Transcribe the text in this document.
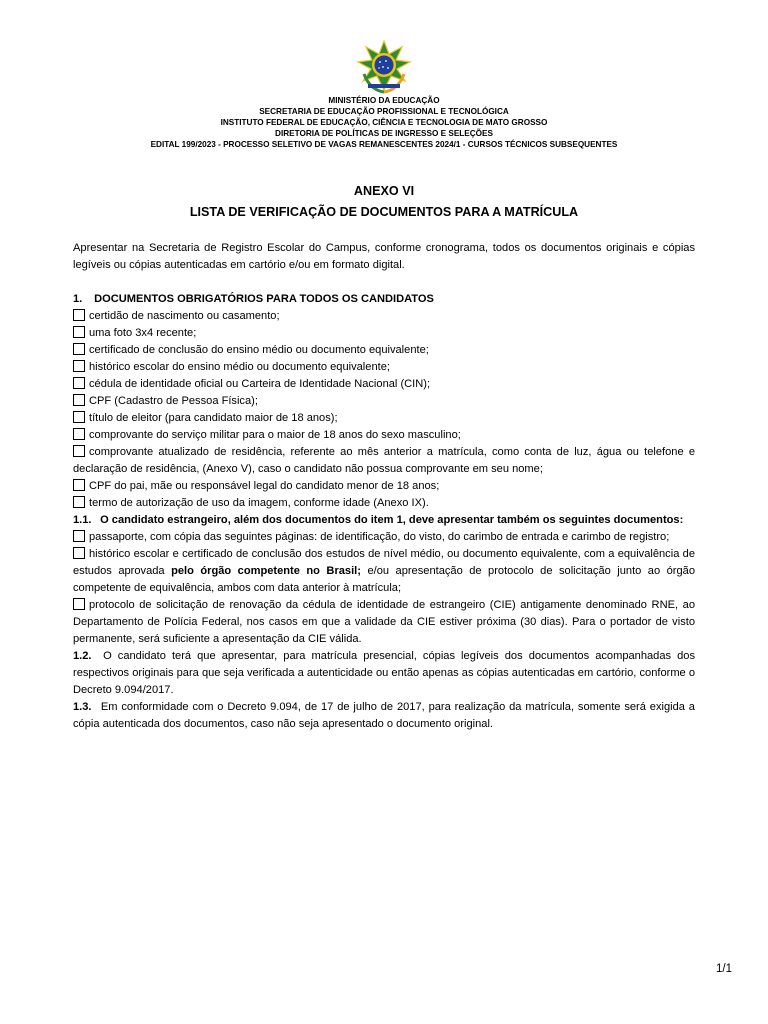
MINISTÉRIO DA EDUCAÇÃO
SECRETARIA DE EDUCAÇÃO PROFISSIONAL E TECNOLÓGICA
INSTITUTO FEDERAL DE EDUCAÇÃO, CIÊNCIA E TECNOLOGIA DE MATO GROSSO
DIRETORIA DE POLÍTICAS DE INGRESSO E SELEÇÕES
EDITAL 199/2023 - PROCESSO SELETIVO DE VAGAS REMANESCENTES 2024/1 - CURSOS TÉCNICOS SUBSEQUENTES
ANEXO VI
LISTA DE VERIFICAÇÃO DE DOCUMENTOS PARA A MATRÍCULA

Apresentar na Secretaria de Registro Escolar do Campus, conforme cronograma, todos os documentos originais e cópias legíveis ou cópias autenticadas em cartório e/ou em formato digital.

1. DOCUMENTOS OBRIGATÓRIOS PARA TODOS OS CANDIDATOS

certidão de nascimento ou casamento;

uma foto 3x4 recente;

certificado de conclusão do ensino médio ou documento equivalente;

histórico escolar do ensino médio ou documento equivalente;

cédula de identidade oficial ou Carteira de Identidade Nacional (CIN);

CPF (Cadastro de Pessoa Física);

título de eleitor (para candidato maior de 18 anos);

comprovante do serviço militar para o maior de 18 anos do sexo masculino;

comprovante atualizado de residência, referente ao mês anterior a matrícula, como conta de luz, água ou telefone e declaração de residência, (Anexo V), caso o candidato não possua comprovante em seu nome;

CPF do pai, mãe ou responsável legal do candidato menor de 18 anos;

termo de autorização de uso da imagem, conforme idade (Anexo IX).

1.1. O candidato estrangeiro, além dos documentos do item 1, deve apresentar também os seguintes documentos:

passaporte, com cópia das seguintes páginas: de identificação, do visto, do carimbo de entrada e carimbo de registro;

histórico escolar e certificado de conclusão dos estudos de nível médio, ou documento equivalente, com a equivalência de estudos aprovada pelo órgão competente no Brasil; e/ou apresentação de protocolo de solicitação junto ao órgão competente de equivalência, ambos com data anterior à matrícula;

protocolo de solicitação de renovação da cédula de identidade de estrangeiro (CIE) antigamente denominado RNE, ao Departamento de Polícia Federal, nos casos em que a validade da CIE estiver próxima (30 dias). Para o portador de visto permanente, será suficiente a apresentação da CIE válida.

1.2. O candidato terá que apresentar, para matrícula presencial, cópias legíveis dos documentos acompanhadas dos respectivos originais para que seja verificada a autenticidade ou então apenas as cópias autenticadas em cartório, conforme o Decreto 9.094/2017.

1.3. Em conformidade com o Decreto 9.094, de 17 de julho de 2017, para realização da matrícula, somente será exigida a cópia autenticada dos documentos, caso não seja apresentado o documento original.

1/1
